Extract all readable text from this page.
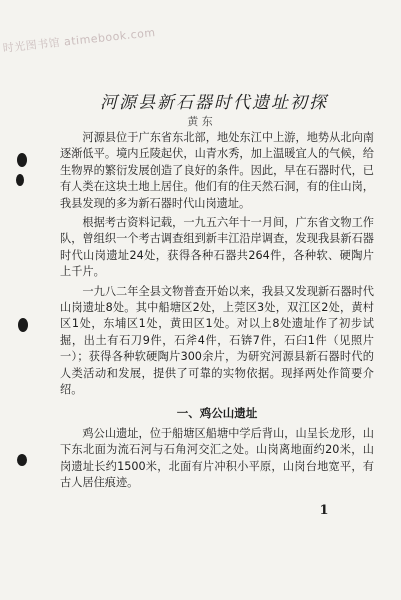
时光图书馆 atimebook.com
河源县新石器时代遗址初探
黄 东

河源县位于广东省东北部，地处东江中上游，地势从北向南逐渐低平。境内丘陵起伏，山青水秀，加上温暖宜人的气候，给生物界的繁衍发展创造了良好的条件。因此，早在石器时代，已有人类在这块土地上居住。他们有的住天然石洞，有的住山岗，我县发现的多为新石器时代山岗遗址。

根据考古资料记载，一九五六年十一月间，广东省文物工作队，曾组织一个考古调查组到新丰江沿岸调查，发现我县新石器时代山岗遗址24处，获得各种石器共264件，各种软、硬陶片上千片。

一九八二年全县文物普查开始以来，我县又发现新石器时代山岗遗址8处。其中船塘区2处，上莞区3处，双江区2处，黄村区1处，东埔区1处，黄田区1处。对以上8处遗址作了初步试掘，出土有石刀9件，石斧4件，石锛7件，石臼1件（见照片一）；获得各种软硬陶片300余片，为研究河源县新石器时代的人类活动和发展，提供了可靠的实物依据。现择两处作简要介绍。

一、鸡公山遗址

鸡公山遗址，位于船塘区船塘中学后背山，山呈长龙形，山下东北面为流石河与石角河交汇之处。山岗离地面约20米，山岗遗址长约1500米，北面有片冲积小平原，山岗台地宽平，有古人居住痕迹。

1
